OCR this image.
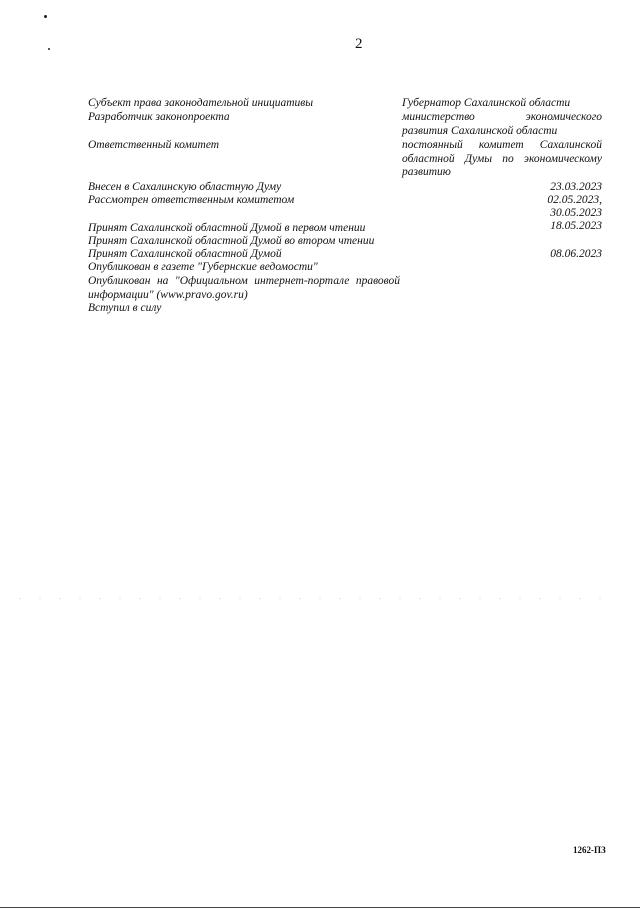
2
Субъект права законодательной инициативы	Губернатор Сахалинской области
Разработчик законопроекта	министерство экономического развития Сахалинской области
Ответственный комитет	постоянный комитет Сахалинской областной Думы по экономическому развитию
Внесен в Сахалинскую областную Думу	23.03.2023
Рассмотрен ответственным комитетом	02.05.2023,
30.05.2023
Принят Сахалинской областной Думой в первом чтении	18.05.2023
Принят Сахалинской областной Думой во втором чтении
Принят Сахалинской областной Думой	08.06.2023
Опубликован в газете "Губернские ведомости"
Опубликован на "Официальном интернет-портале правовой информации" (www.pravo.gov.ru)
Вступил в силу
1262-ПЗ
